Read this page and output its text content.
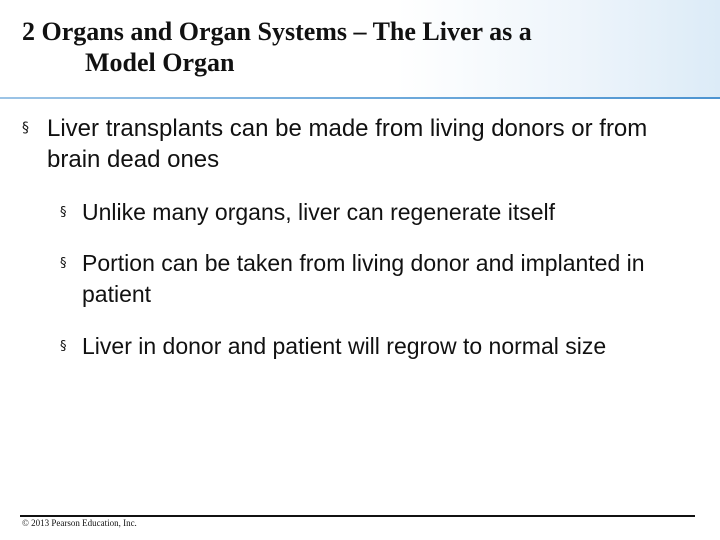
2 Organs and Organ Systems – The Liver as a
Model Organ
§ Liver transplants can be made from living donors or from brain dead ones
§ Unlike many organs, liver can regenerate itself
§ Portion can be taken from living donor and implanted in patient
§ Liver in donor and patient will regrow to normal size
© 2013 Pearson Education, Inc.
